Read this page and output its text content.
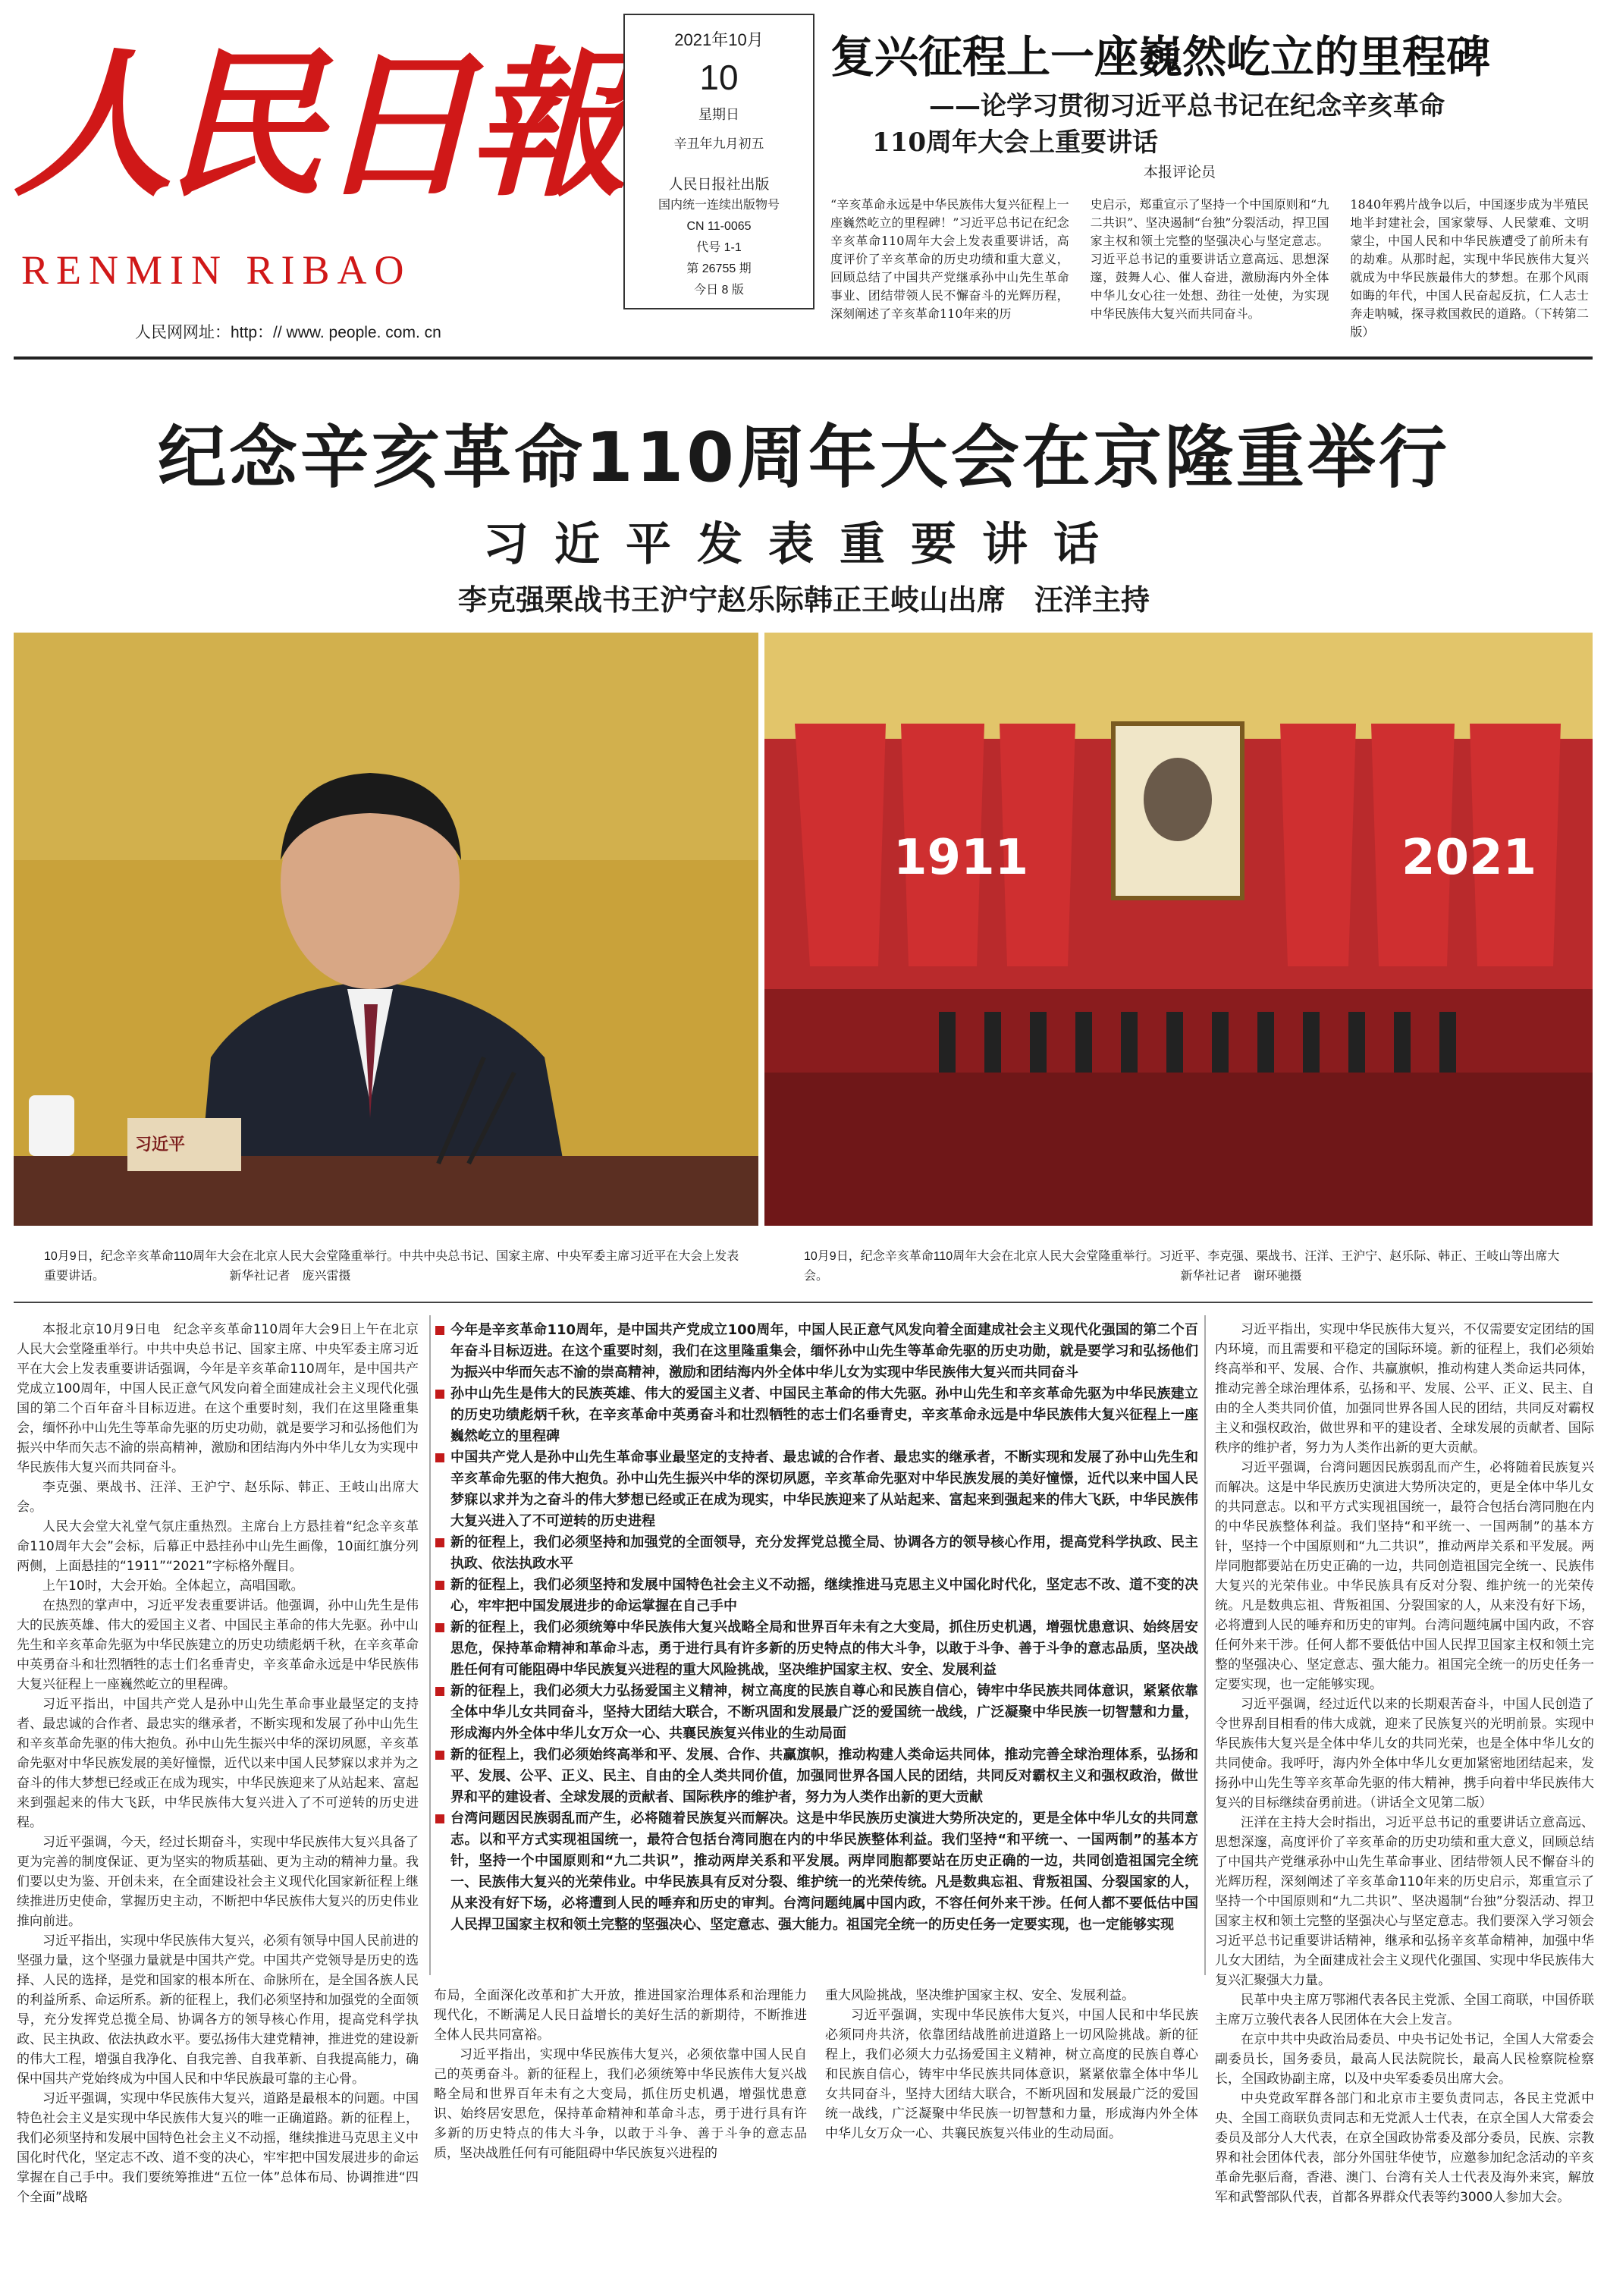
人民日報
RENMIN RIBAO
人民网网址：http：// www. people. com. cn
2021年10月
10
星期日
辛丑年九月初五
人民日报社出版
国内统一连续出版物号
CN 11-0065
代号 1-1
第 26755 期
今日 8 版
复兴征程上一座巍然屹立的里程碑
——论学习贯彻习近平总书记在纪念辛亥革命
110周年大会上重要讲话
本报评论员

“辛亥革命永远是中华民族伟大复兴征程上一座巍然屹立的里程碑！”习近平总书记在纪念辛亥革命110周年大会上发表重要讲话，高度评价了辛亥革命的历史功绩和重大意义，回顾总结了中国共产党继承孙中山先生革命事业、团结带领人民不懈奋斗的光辉历程，深刻阐述了辛亥革命110年来的历

史启示，郑重宣示了坚持一个中国原则和“九二共识”、坚决遏制“台独”分裂活动，捍卫国家主权和领土完整的坚强决心与坚定意志。习近平总书记的重要讲话立意高远、思想深邃，鼓舞人心、催人奋进，激励海内外全体中华儿女心往一处想、劲往一处使，为实现中华民族伟大复兴而共同奋斗。

1840年鸦片战争以后，中国逐步成为半殖民地半封建社会，国家蒙辱、人民蒙难、文明蒙尘，中国人民和中华民族遭受了前所未有的劫难。从那时起，实现中华民族伟大复兴就成为中华民族最伟大的梦想。在那个风雨如晦的年代，中国人民奋起反抗，仁人志士奔走呐喊，探寻救国救民的道路。（下转第二版）

纪念辛亥革命110周年大会在京隆重举行
习近平发表重要讲话
李克强栗战书王沪宁赵乐际韩正王岐山出席　汪洋主持
习近平
1911	2021
10月9日，纪念辛亥革命110周年大会在北京人民大会堂隆重举行。中共中央总书记、国家主席、中央军委主席习近平在大会上发表重要讲话。	新华社记者　庞兴雷摄
10月9日，纪念辛亥革命110周年大会在北京人民大会堂隆重举行。习近平、李克强、栗战书、汪洋、王沪宁、赵乐际、韩正、王岐山等出席大会。	新华社记者　谢环驰摄

本报北京10月9日电　纪念辛亥革命110周年大会9日上午在北京人民大会堂隆重举行。中共中央总书记、国家主席、中央军委主席习近平在大会上发表重要讲话强调，今年是辛亥革命110周年，是中国共产党成立100周年，中国人民正意气风发向着全面建成社会主义现代化强国的第二个百年奋斗目标迈进。在这个重要时刻，我们在这里隆重集会，缅怀孙中山先生等革命先驱的历史功勋，就是要学习和弘扬他们为振兴中华而矢志不渝的崇高精神，激励和团结海内外中华儿女为实现中华民族伟大复兴而共同奋斗。

李克强、栗战书、汪洋、王沪宁、赵乐际、韩正、王岐山出席大会。

人民大会堂大礼堂气氛庄重热烈。主席台上方悬挂着“纪念辛亥革命110周年大会”会标，后幕正中悬挂孙中山先生画像，10面红旗分列两侧，上面悬挂的“1911”“2021”字标格外醒目。

上午10时，大会开始。全体起立，高唱国歌。

在热烈的掌声中，习近平发表重要讲话。他强调，孙中山先生是伟大的民族英雄、伟大的爱国主义者、中国民主革命的伟大先驱。孙中山先生和辛亥革命先驱为中华民族建立的历史功绩彪炳千秋，在辛亥革命中英勇奋斗和壮烈牺牲的志士们名垂青史，辛亥革命永远是中华民族伟大复兴征程上一座巍然屹立的里程碑。

习近平指出，中国共产党人是孙中山先生革命事业最坚定的支持者、最忠诚的合作者、最忠实的继承者，不断实现和发展了孙中山先生和辛亥革命先驱的伟大抱负。孙中山先生振兴中华的深切夙愿，辛亥革命先驱对中华民族发展的美好憧憬，近代以来中国人民梦寐以求并为之奋斗的伟大梦想已经或正在成为现实，中华民族迎来了从站起来、富起来到强起来的伟大飞跃，中华民族伟大复兴进入了不可逆转的历史进程。

习近平强调，今天，经过长期奋斗，实现中华民族伟大复兴具备了更为完善的制度保证、更为坚实的物质基础、更为主动的精神力量。我们要以史为鉴、开创未来，在全面建设社会主义现代化国家新征程上继续推进历史使命，掌握历史主动，不断把中华民族伟大复兴的历史伟业推向前进。

习近平指出，实现中华民族伟大复兴，必须有领导中国人民前进的坚强力量，这个坚强力量就是中国共产党。中国共产党领导是历史的选择、人民的选择，是党和国家的根本所在、命脉所在，是全国各族人民的利益所系、命运所系。新的征程上，我们必须坚持和加强党的全面领导，充分发挥党总揽全局、协调各方的领导核心作用，提高党科学执政、民主执政、依法执政水平。要弘扬伟大建党精神，推进党的建设新的伟大工程，增强自我净化、自我完善、自我革新、自我提高能力，确保中国共产党始终成为中国人民和中华民族最可靠的主心骨。

习近平强调，实现中华民族伟大复兴，道路是最根本的问题。中国特色社会主义是实现中华民族伟大复兴的唯一正确道路。新的征程上，我们必须坚持和发展中国特色社会主义不动摇，继续推进马克思主义中国化时代化，坚定志不改、道不变的决心，牢牢把中国发展进步的命运掌握在自己手中。我们要统筹推进“五位一体”总体布局、协调推进“四个全面”战略

今年是辛亥革命110周年，是中国共产党成立100周年，中国人民正意气风发向着全面建成社会主义现代化强国的第二个百年奋斗目标迈进。在这个重要时刻，我们在这里隆重集会，缅怀孙中山先生等革命先驱的历史功勋，就是要学习和弘扬他们为振兴中华而矢志不渝的崇高精神，激励和团结海内外全体中华儿女为实现中华民族伟大复兴而共同奋斗

孙中山先生是伟大的民族英雄、伟大的爱国主义者、中国民主革命的伟大先驱。孙中山先生和辛亥革命先驱为中华民族建立的历史功绩彪炳千秋，在辛亥革命中英勇奋斗和壮烈牺牲的志士们名垂青史，辛亥革命永远是中华民族伟大复兴征程上一座巍然屹立的里程碑

中国共产党人是孙中山先生革命事业最坚定的支持者、最忠诚的合作者、最忠实的继承者，不断实现和发展了孙中山先生和辛亥革命先驱的伟大抱负。孙中山先生振兴中华的深切夙愿，辛亥革命先驱对中华民族发展的美好憧憬，近代以来中国人民梦寐以求并为之奋斗的伟大梦想已经或正在成为现实，中华民族迎来了从站起来、富起来到强起来的伟大飞跃，中华民族伟大复兴进入了不可逆转的历史进程

新的征程上，我们必须坚持和加强党的全面领导，充分发挥党总揽全局、协调各方的领导核心作用，提高党科学执政、民主执政、依法执政水平

新的征程上，我们必须坚持和发展中国特色社会主义不动摇，继续推进马克思主义中国化时代化，坚定志不改、道不变的决心，牢牢把中国发展进步的命运掌握在自己手中

新的征程上，我们必须统筹中华民族伟大复兴战略全局和世界百年未有之大变局，抓住历史机遇，增强忧患意识、始终居安思危，保持革命精神和革命斗志，勇于进行具有许多新的历史特点的伟大斗争，以敢于斗争、善于斗争的意志品质，坚决战胜任何有可能阻碍中华民族复兴进程的重大风险挑战，坚决维护国家主权、安全、发展利益

新的征程上，我们必须大力弘扬爱国主义精神，树立高度的民族自尊心和民族自信心，铸牢中华民族共同体意识，紧紧依靠全体中华儿女共同奋斗，坚持大团结大联合，不断巩固和发展最广泛的爱国统一战线，广泛凝聚中华民族一切智慧和力量，形成海内外全体中华儿女万众一心、共襄民族复兴伟业的生动局面

新的征程上，我们必须始终高举和平、发展、合作、共赢旗帜，推动构建人类命运共同体，推动完善全球治理体系，弘扬和平、发展、公平、正义、民主、自由的全人类共同价值，加强同世界各国人民的团结，共同反对霸权主义和强权政治，做世界和平的建设者、全球发展的贡献者、国际秩序的维护者，努力为人类作出新的更大贡献

台湾问题因民族弱乱而产生，必将随着民族复兴而解决。这是中华民族历史演进大势所决定的，更是全体中华儿女的共同意志。以和平方式实现祖国统一，最符合包括台湾同胞在内的中华民族整体利益。我们坚持“和平统一、一国两制”的基本方针，坚持一个中国原则和“九二共识”，推动两岸关系和平发展。两岸同胞都要站在历史正确的一边，共同创造祖国完全统一、民族伟大复兴的光荣伟业。中华民族具有反对分裂、维护统一的光荣传统。凡是数典忘祖、背叛祖国、分裂国家的人，从来没有好下场，必将遭到人民的唾弃和历史的审判。台湾问题纯属中国内政，不容任何外来干涉。任何人都不要低估中国人民捍卫国家主权和领土完整的坚强决心、坚定意志、强大能力。祖国完全统一的历史任务一定要实现，也一定能够实现

布局，全面深化改革和扩大开放，推进国家治理体系和治理能力现代化，不断满足人民日益增长的美好生活的新期待，不断推进全体人民共同富裕。

习近平指出，实现中华民族伟大复兴，必须依靠中国人民自己的英勇奋斗。新的征程上，我们必须统筹中华民族伟大复兴战略全局和世界百年未有之大变局，抓住历史机遇，增强忧患意识、始终居安思危，保持革命精神和革命斗志，勇于进行具有许多新的历史特点的伟大斗争，以敢于斗争、善于斗争的意志品质，坚决战胜任何有可能阻碍中华民族复兴进程的

重大风险挑战，坚决维护国家主权、安全、发展利益。

习近平强调，实现中华民族伟大复兴，中国人民和中华民族必须同舟共济，依靠团结战胜前进道路上一切风险挑战。新的征程上，我们必须大力弘扬爱国主义精神，树立高度的民族自尊心和民族自信心，铸牢中华民族共同体意识，紧紧依靠全体中华儿女共同奋斗，坚持大团结大联合，不断巩固和发展最广泛的爱国统一战线，广泛凝聚中华民族一切智慧和力量，形成海内外全体中华儿女万众一心、共襄民族复兴伟业的生动局面。

习近平指出，实现中华民族伟大复兴，不仅需要安定团结的国内环境，而且需要和平稳定的国际环境。新的征程上，我们必须始终高举和平、发展、合作、共赢旗帜，推动构建人类命运共同体，推动完善全球治理体系，弘扬和平、发展、公平、正义、民主、自由的全人类共同价值，加强同世界各国人民的团结，共同反对霸权主义和强权政治，做世界和平的建设者、全球发展的贡献者、国际秩序的维护者，努力为人类作出新的更大贡献。

习近平强调，台湾问题因民族弱乱而产生，必将随着民族复兴而解决。这是中华民族历史演进大势所决定的，更是全体中华儿女的共同意志。以和平方式实现祖国统一，最符合包括台湾同胞在内的中华民族整体利益。我们坚持“和平统一、一国两制”的基本方针，坚持一个中国原则和“九二共识”，推动两岸关系和平发展。两岸同胞都要站在历史正确的一边，共同创造祖国完全统一、民族伟大复兴的光荣伟业。中华民族具有反对分裂、维护统一的光荣传统。凡是数典忘祖、背叛祖国、分裂国家的人，从来没有好下场，必将遭到人民的唾弃和历史的审判。台湾问题纯属中国内政，不容任何外来干涉。任何人都不要低估中国人民捍卫国家主权和领土完整的坚强决心、坚定意志、强大能力。祖国完全统一的历史任务一定要实现，也一定能够实现。

习近平强调，经过近代以来的长期艰苦奋斗，中国人民创造了令世界刮目相看的伟大成就，迎来了民族复兴的光明前景。实现中华民族伟大复兴是全体中华儿女的共同光荣，也是全体中华儿女的共同使命。我呼吁，海内外全体中华儿女更加紧密地团结起来，发扬孙中山先生等辛亥革命先驱的伟大精神，携手向着中华民族伟大复兴的目标继续奋勇前进。（讲话全文见第二版）

汪洋在主持大会时指出，习近平总书记的重要讲话立意高远、思想深邃，高度评价了辛亥革命的历史功绩和重大意义，回顾总结了中国共产党继承孙中山先生革命事业、团结带领人民不懈奋斗的光辉历程，深刻阐述了辛亥革命110年来的历史启示，郑重宣示了坚持一个中国原则和“九二共识”、坚决遏制“台独”分裂活动、捍卫国家主权和领土完整的坚强决心与坚定意志。我们要深入学习领会习近平总书记重要讲话精神，继承和弘扬辛亥革命精神，加强中华儿女大团结，为全面建成社会主义现代化强国、实现中华民族伟大复兴汇聚强大力量。

民革中央主席万鄂湘代表各民主党派、全国工商联，中国侨联主席万立骏代表各人民团体在大会上发言。

在京中共中央政治局委员、中央书记处书记，全国人大常委会副委员长，国务委员，最高人民法院院长，最高人民检察院检察长，全国政协副主席，以及中央军委委员出席大会。

中央党政军群各部门和北京市主要负责同志，各民主党派中央、全国工商联负责同志和无党派人士代表，在京全国人大常委会委员及部分人大代表，在京全国政协常委及部分委员，民族、宗教界和社会团体代表，部分外国驻华使节，应邀参加纪念活动的辛亥革命先驱后裔，香港、澳门、台湾有关人士代表及海外来宾，解放军和武警部队代表，首都各界群众代表等约3000人参加大会。
